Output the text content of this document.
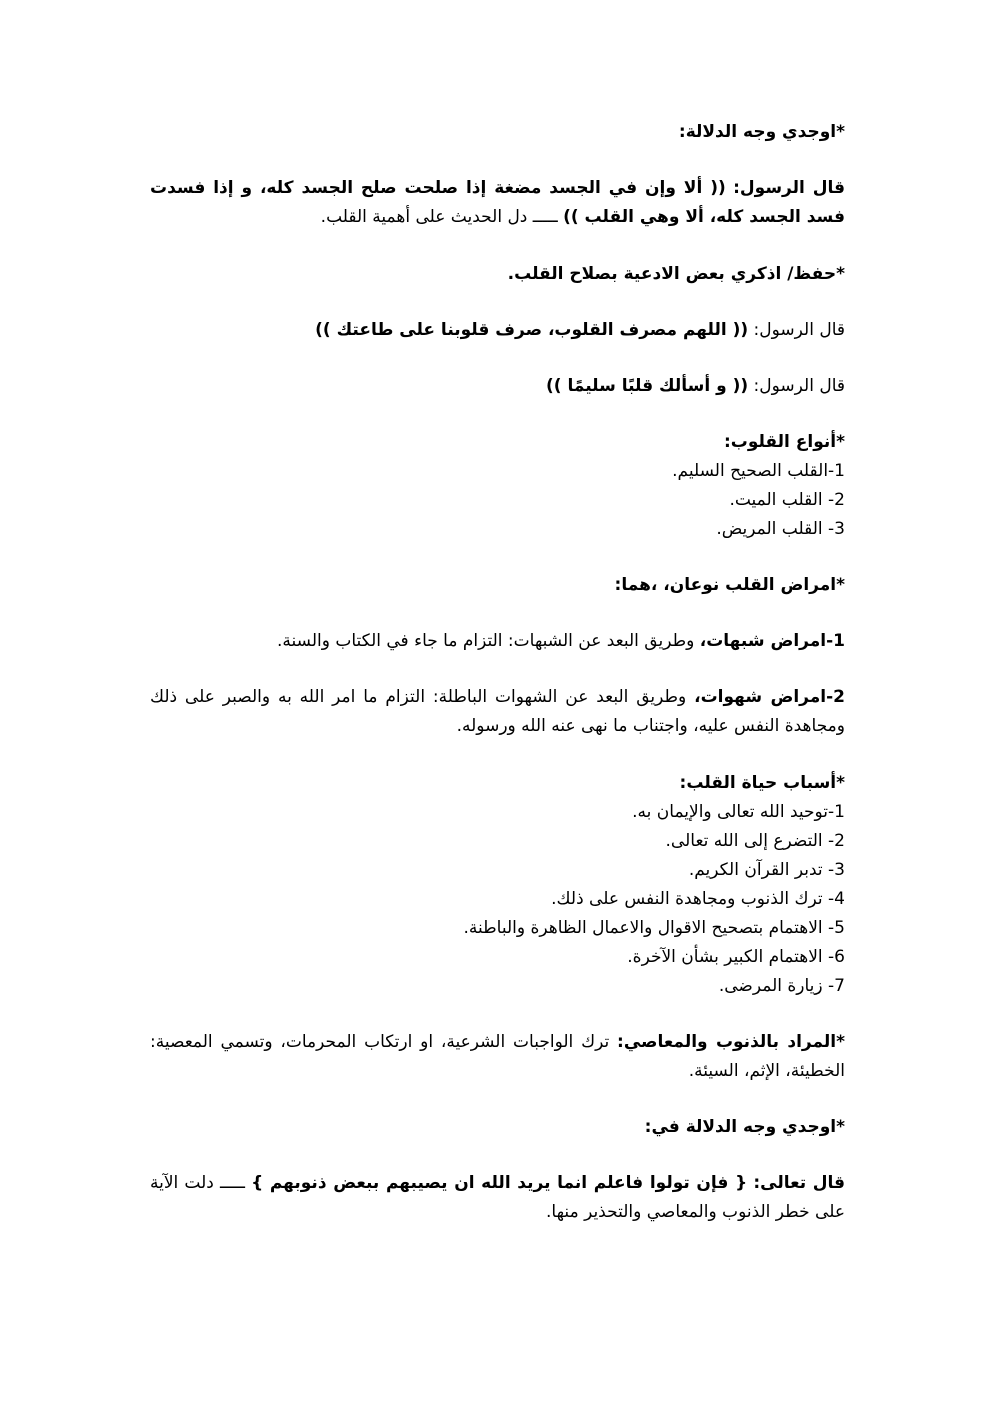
*اوجدي وجه الدلالة:

قال الرسول: (( ألا وإن في الجسد مضغة إذا صلحت صلح الجسد كله، و إذا فسدت فسد الجسد كله، ألا وهي القلب )) ـــــ دل الحديث على أهمية القلب.

*حفظ/ اذكري بعض الادعية بصلاح القلب.

قال الرسول: (( اللهم مصرف القلوب، صرف قلوبنا على طاعتك ))

قال الرسول: (( و أسألك قلبًا سليمًا ))

*أنواع القلوب:

1-القلب الصحيح السليم.
2- القلب الميت.
3- القلب المريض.

*امراض القلب نوعان، ،هما:

1-امراض شبهات، وطريق البعد عن الشبهات: التزام ما جاء في الكتاب والسنة.

2-امراض شهوات، وطريق البعد عن الشهوات الباطلة: التزام ما امر الله به والصبر على ذلك ومجاهدة النفس عليه، واجتناب ما نهى عنه الله ورسوله.

*أسباب حياة القلب:

1-توحيد الله تعالى والإيمان به.
2- التضرع إلى الله تعالى.
3- تدبر القرآن الكريم.
4- ترك الذنوب ومجاهدة النفس على ذلك.
5- الاهتمام بتصحيح الاقوال والاعمال الظاهرة والباطنة.
6- الاهتمام الكبير بشأن الآخرة.
7- زيارة المرضى.

*المراد بالذنوب والمعاصي: ترك الواجبات الشرعية، او ارتكاب المحرمات، وتسمي المعصية: الخطيئة، الإثم، السيئة.

*اوجدي وجه الدلالة في:

قال تعالى: { فإن تولوا فاعلم انما يريد الله ان يصيبهم ببعض ذنوبهم } ـــــ دلت الآية على خطر الذنوب والمعاصي والتحذير منها.
